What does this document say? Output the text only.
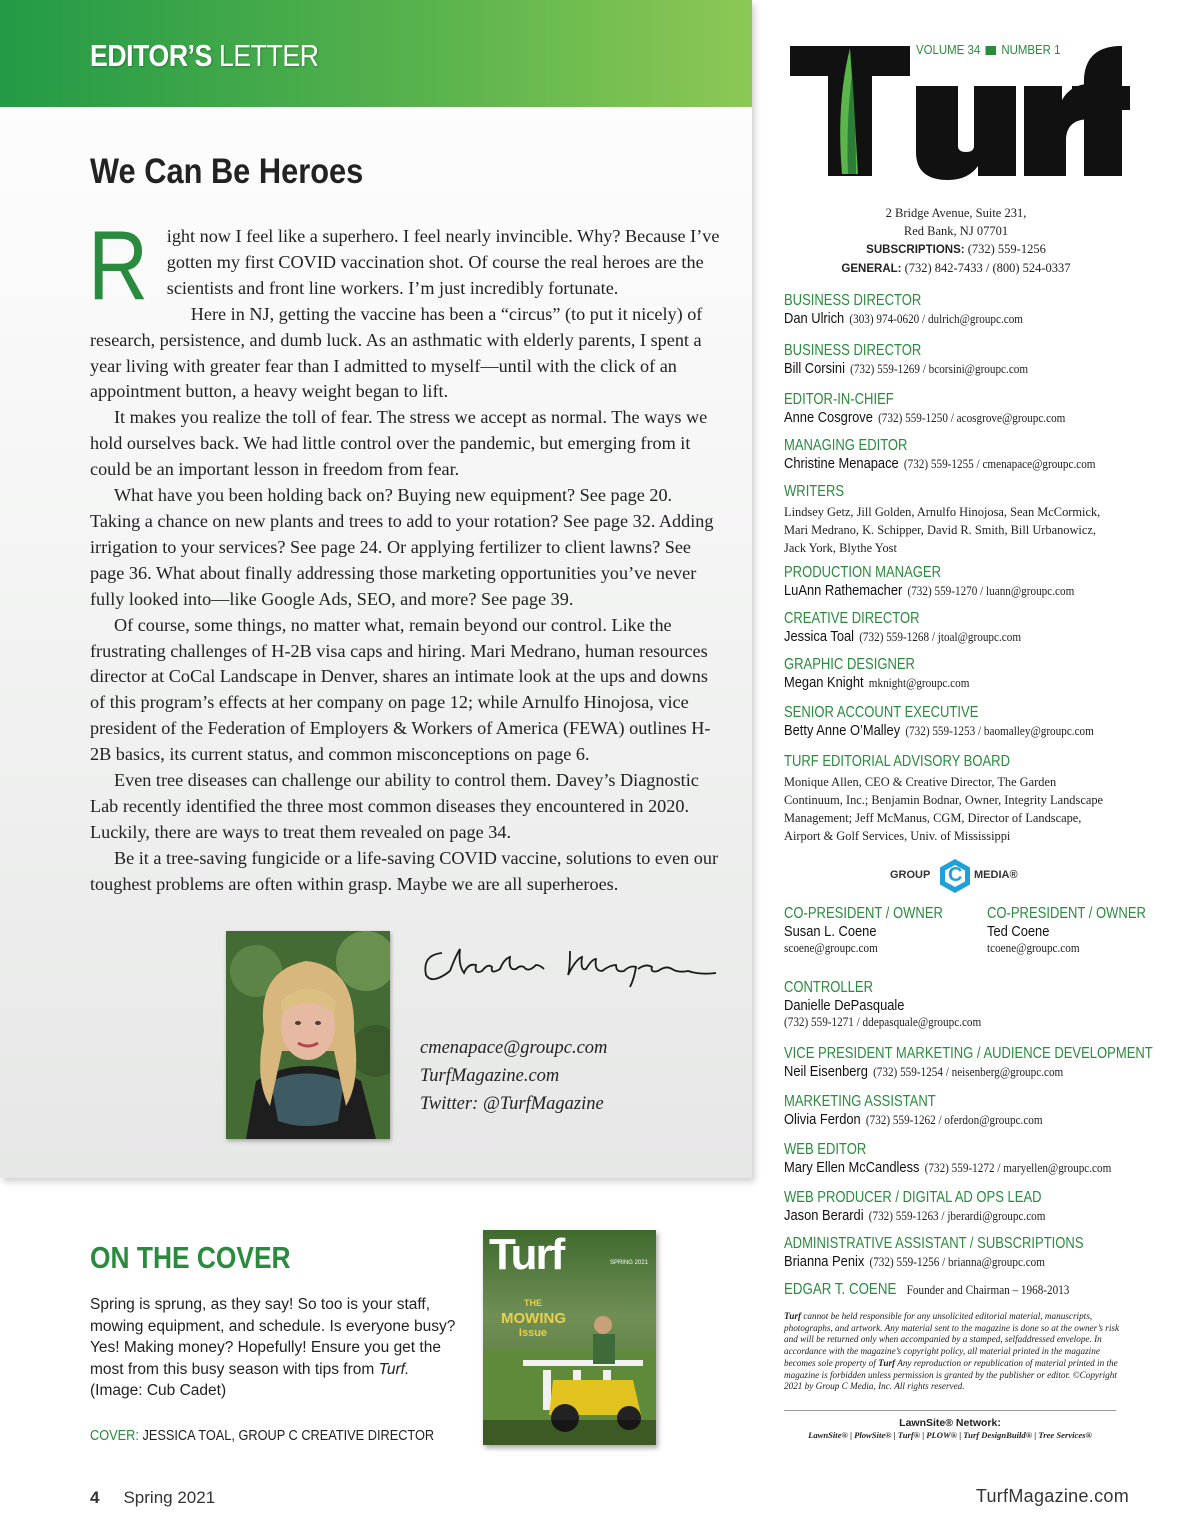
EDITOR’S LETTER
We Can Be Heroes

R ight now I feel like a superhero. I feel nearly invincible. Why? Because I’ve gotten my first COVID vaccination shot. Of course the real heroes are the scientists and front line workers. I’m just incredibly fortunate.

Here in NJ, getting the vaccine has been a “circus” (to put it nicely) of research, persistence, and dumb luck. As an asthmatic with elderly parents, I spent a year living with greater fear than I admitted to myself—until with the click of an appointment button, a heavy weight began to lift.

It makes you realize the toll of fear. The stress we accept as normal. The ways we hold ourselves back. We had little control over the pandemic, but emerging from it could be an important lesson in freedom from fear.

What have you been holding back on? Buying new equipment? See page 20. Taking a chance on new plants and trees to add to your rotation? See page 32. Adding irrigation to your services? See page 24. Or applying fertilizer to client lawns? See page 36. What about finally addressing those marketing opportunities you’ve never fully looked into—like Google Ads, SEO, and more? See page 39.

Of course, some things, no matter what, remain beyond our control. Like the frustrating challenges of H-2B visa caps and hiring. Mari Medrano, human resources director at CoCal Landscape in Denver, shares an intimate look at the ups and downs of this program’s effects at her company on page 12; while Arnulfo Hinojosa, vice president of the Federation of Employers & Workers of America (FEWA) outlines H-2B basics, its current status, and common misconceptions on page 6.

Even tree diseases can challenge our ability to control them. Davey’s Diagnostic Lab recently identified the three most common diseases they encountered in 2020. Luckily, there are ways to treat them revealed on page 34.

Be it a tree-saving fungicide or a life-saving COVID vaccine, solutions to even our toughest problems are often within grasp. Maybe we are all superheroes.

cmenapace@groupc.com
TurfMagazine.com
Twitter: @TurfMagazine
ON THE COVER
Spring is sprung, as they say! So too is your staff, mowing equipment, and schedule. Is everyone busy? Yes! Making money? Hopefully! Ensure you get the most from this busy season with tips from Turf. (Image: Cub Cadet)
COVER: JESSICA TOAL, GROUP C CREATIVE DIRECTOR
Turf	SPRING 2021
THE
MOWING
Issue
4 Spring 2021	TurfMagazine.com
VOLUME 34 NUMBER 1
®
2 Bridge Avenue, Suite 231,
Red Bank, NJ 07701
SUBSCRIPTIONS: (732) 559-1256
GENERAL: (732) 842-7433 / (800) 524-0337
BUSINESS DIRECTOR
Dan Ulrich (303) 974-0620 / dulrich@groupc.com
BUSINESS DIRECTOR
Bill Corsini (732) 559-1269 / bcorsini@groupc.com
EDITOR-IN-CHIEF
Anne Cosgrove (732) 559-1250 / acosgrove@groupc.com
MANAGING EDITOR
Christine Menapace (732) 559-1255 / cmenapace@groupc.com
WRITERS
Lindsey Getz, Jill Golden, Arnulfo Hinojosa, Sean McCormick,
Mari Medrano, K. Schipper, David R. Smith, Bill Urbanowicz,
Jack York, Blythe Yost
PRODUCTION MANAGER
LuAnn Rathemacher (732) 559-1270 / luann@groupc.com
CREATIVE DIRECTOR
Jessica Toal (732) 559-1268 / jtoal@groupc.com
GRAPHIC DESIGNER
Megan Knight mknight@groupc.com
SENIOR ACCOUNT EXECUTIVE
Betty Anne O’Malley (732) 559-1253 / baomalley@groupc.com
TURF EDITORIAL ADVISORY BOARD
Monique Allen, CEO & Creative Director, The Garden
Continuum, Inc.; Benjamin Bodnar, Owner, Integrity Landscape
Management; Jeff McManus, CGM, Director of Landscape,
Airport & Golf Services, Univ. of Mississippi
GROUP C MEDIA®
CO-PRESIDENT / OWNER
Susan L. Coene
scoene@groupc.com
CO-PRESIDENT / OWNER
Ted Coene
tcoene@groupc.com
CONTROLLER
Danielle DePasquale
(732) 559-1271 / ddepasquale@groupc.com
VICE PRESIDENT MARKETING / AUDIENCE DEVELOPMENT
Neil Eisenberg (732) 559-1254 / neisenberg@groupc.com
MARKETING ASSISTANT
Olivia Ferdon (732) 559-1262 / oferdon@groupc.com
WEB EDITOR
Mary Ellen McCandless (732) 559-1272 / maryellen@groupc.com
WEB PRODUCER / DIGITAL AD OPS LEAD
Jason Berardi (732) 559-1263 / jberardi@groupc.com
ADMINISTRATIVE ASSISTANT / SUBSCRIPTIONS
Brianna Penix (732) 559-1256 / brianna@groupc.com
EDGAR T. COENE Founder and Chairman – 1968-2013
Turf cannot be held responsible for any unsolicited editorial material, manuscripts, photographs, and artwork. Any material sent to the magazine is done so at the owner’s risk and will be returned only when accompanied by a stamped, selfaddressed envelope. In accordance with the magazine’s copyright policy, all material printed in the magazine becomes sole property of Turf Any reproduction or republication of material printed in the magazine is forbidden unless permission is granted by the publisher or editor. ©Copyright 2021 by Group C Media, Inc. All rights reserved.
LawnSite® Network:
LawnSite® | PlowSite® | Turf® | PLOW® | Turf DesignBuild® | Tree Services®
